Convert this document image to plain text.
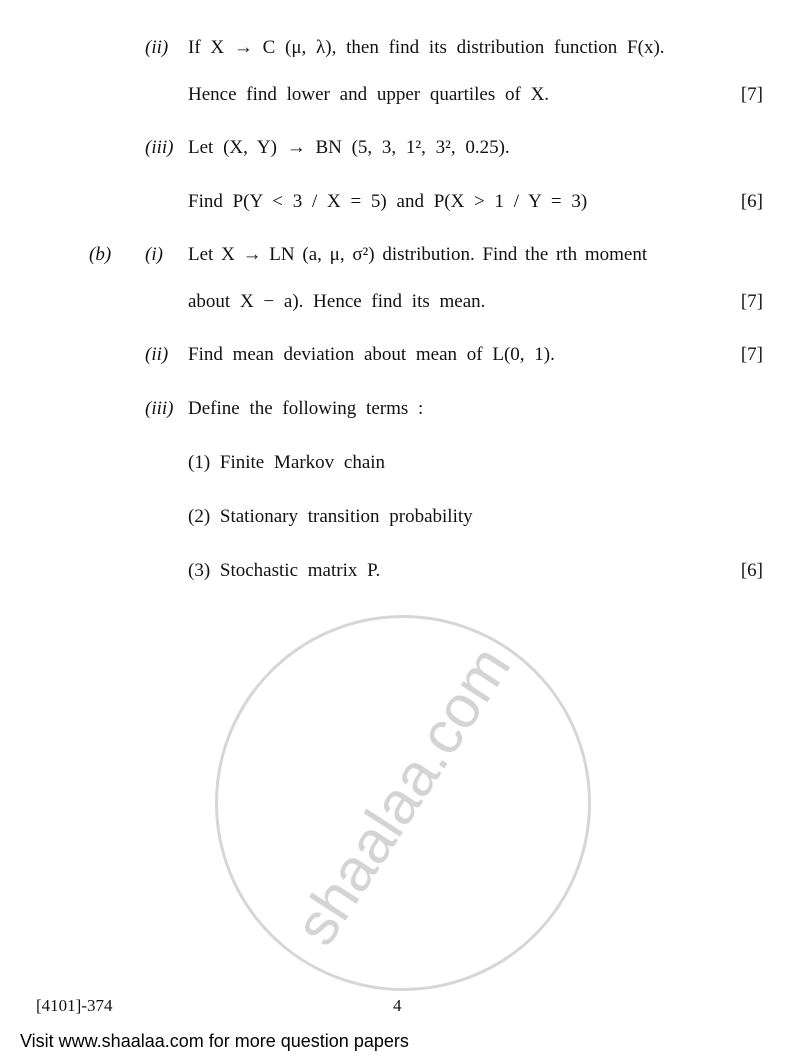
shaalaa.com
(ii) If X → C (μ, λ), then find its distribution function F(x).
Hence find lower and upper quartiles of X.	[7]
(iii) Let (X, Y) → BN (5, 3, 1², 3², 0.25).
Find P(Y < 3 / X = 5) and P(X > 1 / Y = 3)	[6]
(b) (i) Let X → LN (a, μ, σ²) distribution. Find the rth moment
about X − a). Hence find its mean.	[7]
(ii) Find mean deviation about mean of L(0, 1).	[7]
(iii) Define the following terms :
(1) Finite Markov chain
(2) Stationary transition probability
(3) Stochastic matrix P.	[6]
[4101]-374	4
Visit www.shaalaa.com for more question papers
